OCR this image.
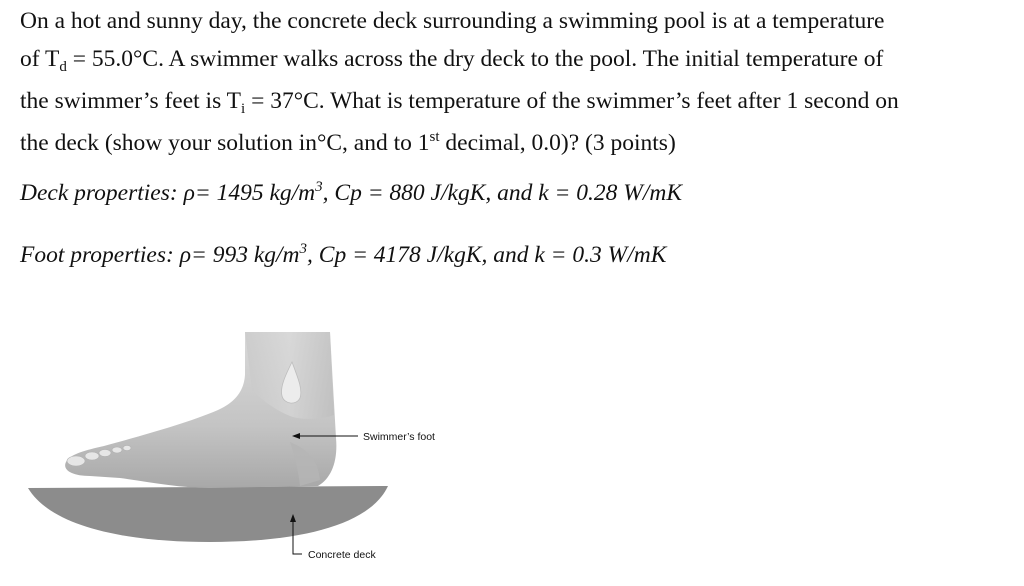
On a hot and sunny day, the concrete deck surrounding a swimming pool is at a temperature

of $T_d = 55.0^\circ C$. A swimmer walks across the dry deck to the pool. The initial temperature of

the swimmer’s feet is $T_i = 37^\circ C$. What is temperature of the swimmer’s feet after 1 second on

the deck (show your solution in°C, and to 1st decimal, 0.0)? (3 points)

Deck properties: ρ= 1495 $kg/m^3$, Cp = 880 J/kgK, and k = 0.28 W/mK
Foot properties: ρ= 993 $kg/m^3$, Cp = 4178 J/kgK, and k = 0.3 W/mK
Swimmer’s foot
Concrete deck
